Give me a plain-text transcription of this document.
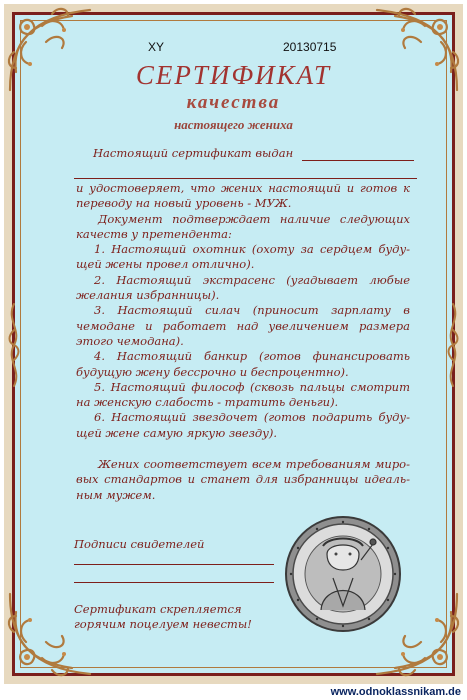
XY	20130715
СЕРТИФИКАТ
качества
настоящего жениха
Настоящий сертификат выдан

и удостоверяет, что жених настоящий и готов к переводу на новый уровень - МУЖ.

Документ подтверждает наличие следующих качеств у претендента:

1. Настоящий охотник (охоту за сердцем буду-щей жены провел отлично).

2. Настоящий экстрасенс (угадывает любые желания избранницы).

3. Настоящий силач (приносит зарплату в чемодане и работает над увеличением размера этого чемодана).

4. Настоящий банкир (готов финансировать будущую жену бессрочно и беспроцентно).

5. Настоящий философ (сквозь пальцы смотрит на женскую слабость - тратить деньги).

6. Настоящий звездочет (готов подарить буду-щей жене самую яркую звезду).

Жених соответствует всем требованиям миро-вых стандартов и станет для избранницы идеаль-ным мужем.

Подписи свидетелей
Сертификат скрепляется
горячим поцелуем невесты!
www.odnoklassnikam.de
